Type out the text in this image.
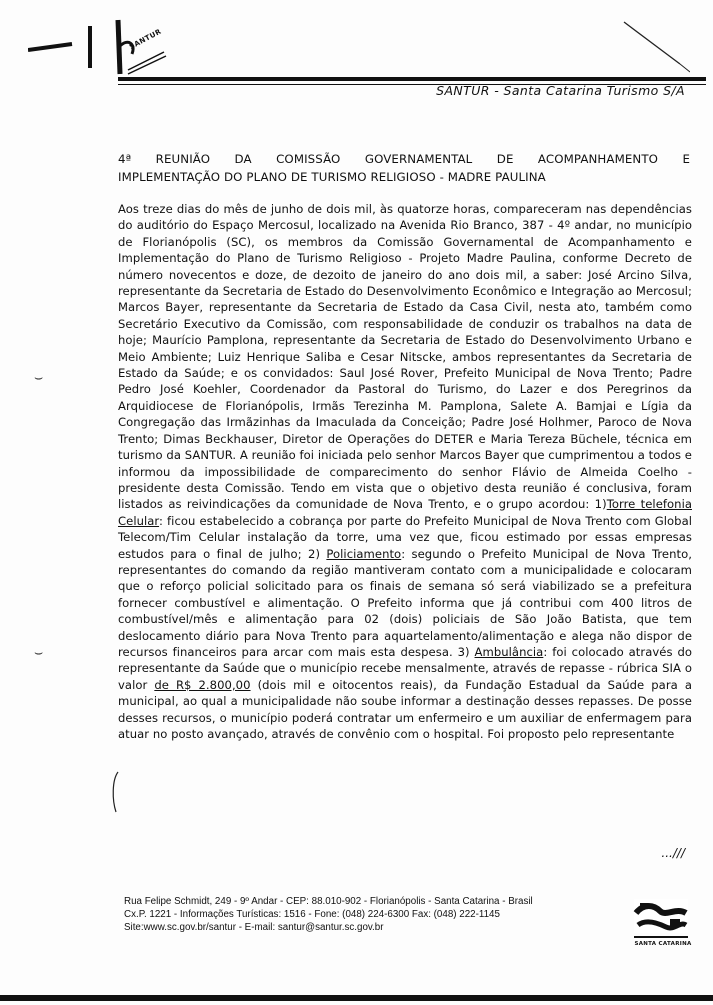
SANTUR
SANTUR - Santa Catarina Turismo S/A
4ª REUNIÃO DA COMISSÃO GOVERNAMENTAL DE ACOMPANHAMENTO E
IMPLEMENTAÇÃO DO PLANO DE TURISMO RELIGIOSO - MADRE PAULINA

Aos treze dias do mês de junho de dois mil, às quatorze horas, compareceram nas dependências do auditório do Espaço Mercosul, localizado na Avenida Rio Branco, 387 - 4º andar, no município de Florianópolis (SC), os membros da Comissão Governamental de Acompanhamento e Implementação do Plano de Turismo Religioso - Projeto Madre Paulina, conforme Decreto de número novecentos e doze, de dezoito de janeiro do ano dois mil, a saber: José Arcino Silva, representante da Secretaria de Estado do Desenvolvimento Econômico e Integração ao Mercosul; Marcos Bayer, representante da Secretaria de Estado da Casa Civil, nesta ato, também como Secretário Executivo da Comissão, com responsabilidade de conduzir os trabalhos na data de hoje; Maurício Pamplona, representante da Secretaria de Estado do Desenvolvimento Urbano e Meio Ambiente; Luiz Henrique Saliba e Cesar Nitscke, ambos representantes da Secretaria de Estado da Saúde; e os convidados: Saul José Rover, Prefeito Municipal de Nova Trento; Padre Pedro José Koehler, Coordenador da Pastoral do Turismo, do Lazer e dos Peregrinos da Arquidiocese de Florianópolis, Irmãs Terezinha M. Pamplona, Salete A. Bamjai e Lígia da Congregação das Irmãzinhas da Imaculada da Conceição; Padre José Holhmer, Paroco de Nova Trento; Dimas Beckhauser, Diretor de Operações do DETER e Maria Tereza Büchele, técnica em turismo da SANTUR. A reunião foi iniciada pelo senhor Marcos Bayer que cumprimentou a todos e informou da impossibilidade de comparecimento do senhor Flávio de Almeida Coelho - presidente desta Comissão. Tendo em vista que o objetivo desta reunião é conclusiva, foram listados as reivindicações da comunidade de Nova Trento, e o grupo acordou: 1)Torre telefonia Celular: ficou estabelecido a cobrança por parte do Prefeito Municipal de Nova Trento com Global Telecom/Tim Celular instalação da torre, uma vez que, ficou estimado por essas empresas estudos para o final de julho; 2) Policiamento: segundo o Prefeito Municipal de Nova Trento, representantes do comando da região mantiveram contato com a municipalidade e colocaram que o reforço policial solicitado para os finais de semana só será viabilizado se a prefeitura fornecer combustível e alimentação. O Prefeito informa que já contribui com 400 litros de combustível/mês e alimentação para 02 (dois) policiais de São João Batista, que tem deslocamento diário para Nova Trento para aquartelamento/alimentação e alega não dispor de recursos financeiros para arcar com mais esta despesa. 3) Ambulância: foi colocado através do representante da Saúde que o município recebe mensalmente, através de repasse - rúbrica SIA o valor de R$ 2.800,00 (dois mil e oitocentos reais), da Fundação Estadual da Saúde para a municipal, ao qual a municipalidade não soube informar a destinação desses repasses. De posse desses recursos, o município poderá contratar um enfermeiro e um auxiliar de enfermagem para atuar no posto avançado, através de convênio com o hospital. Foi proposto pelo representante

...///
⌣
⌣
Rua Felipe Schmidt, 249 - 9º Andar - CEP: 88.010-902 - Florianópolis - Santa Catarina - Brasil
Cx.P. 1221 - Informações Turísticas: 1516 - Fone: (048) 224-6300 Fax: (048) 222-1145
Site:www.sc.gov.br/santur - E-mail: santur@santur.sc.gov.br
SANTA CATARINA
